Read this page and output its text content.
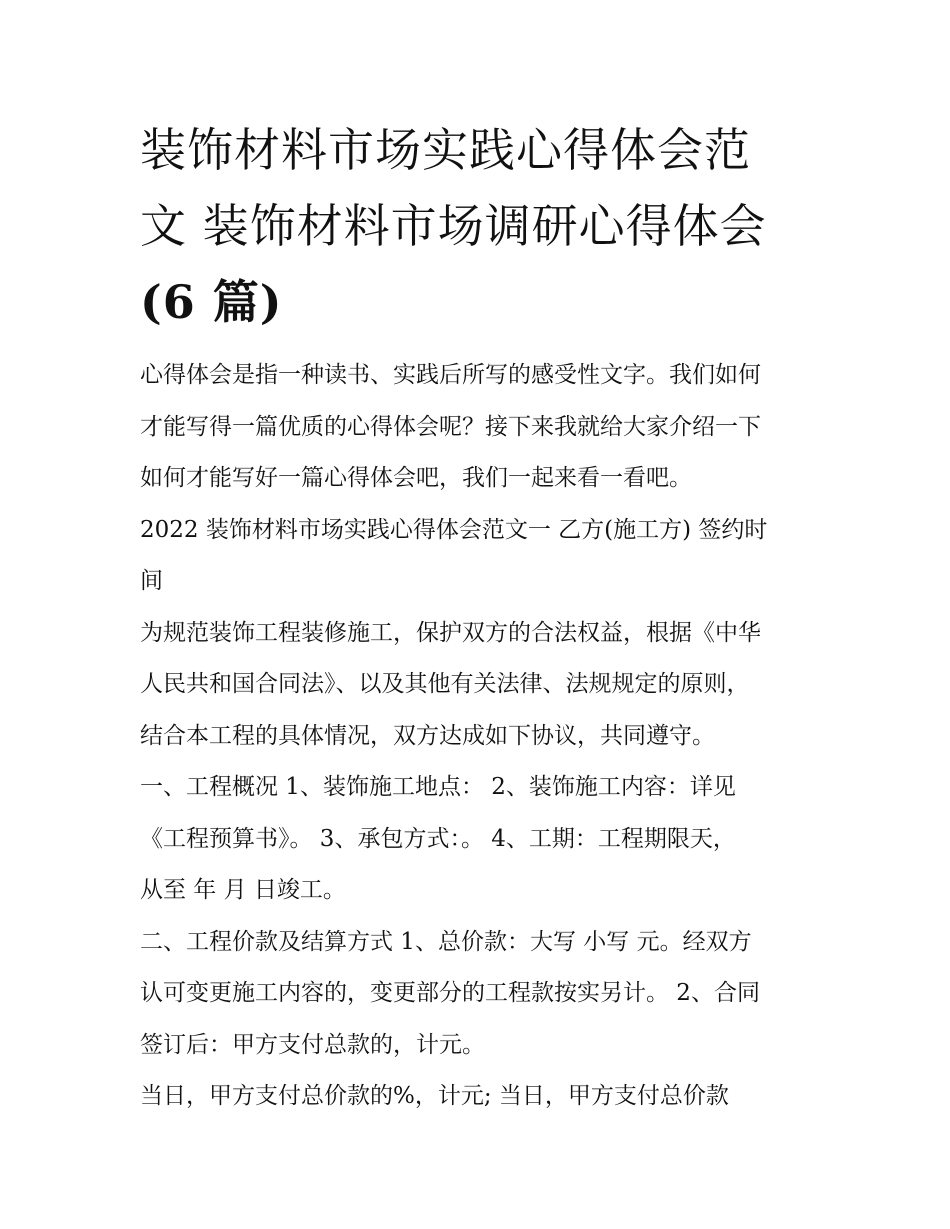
装饰材料市场实践心得体会范
文 装饰材料市场调研心得体会
(6 篇)
心得体会是指一种读书、实践后所写的感受性文字。我们如何
才能写得一篇优质的心得体会呢？接下来我就给大家介绍一下
如何才能写好一篇心得体会吧，我们一起来看一看吧。
2022 装饰材料市场实践心得体会范文一 乙方(施工方) 签约时
间
为规范装饰工程装修施工，保护双方的合法权益，根据《中华
人民共和国合同法》、以及其他有关法律、法规规定的原则，
结合本工程的具体情况，双方达成如下协议，共同遵守。
一、工程概况 1、装饰施工地点： 2、装饰施工内容：详见
《工程预算书》。 3、承包方式：。 4、工期：工程期限天，
从至 年 月 日竣工。
二、工程价款及结算方式 1、总价款：大写 小写 元。经双方
认可变更施工内容的，变更部分的工程款按实另计。 2、合同
签订后：甲方支付总款的，计元。
当日，甲方支付总价款的%，计元; 当日，甲方支付总价款
